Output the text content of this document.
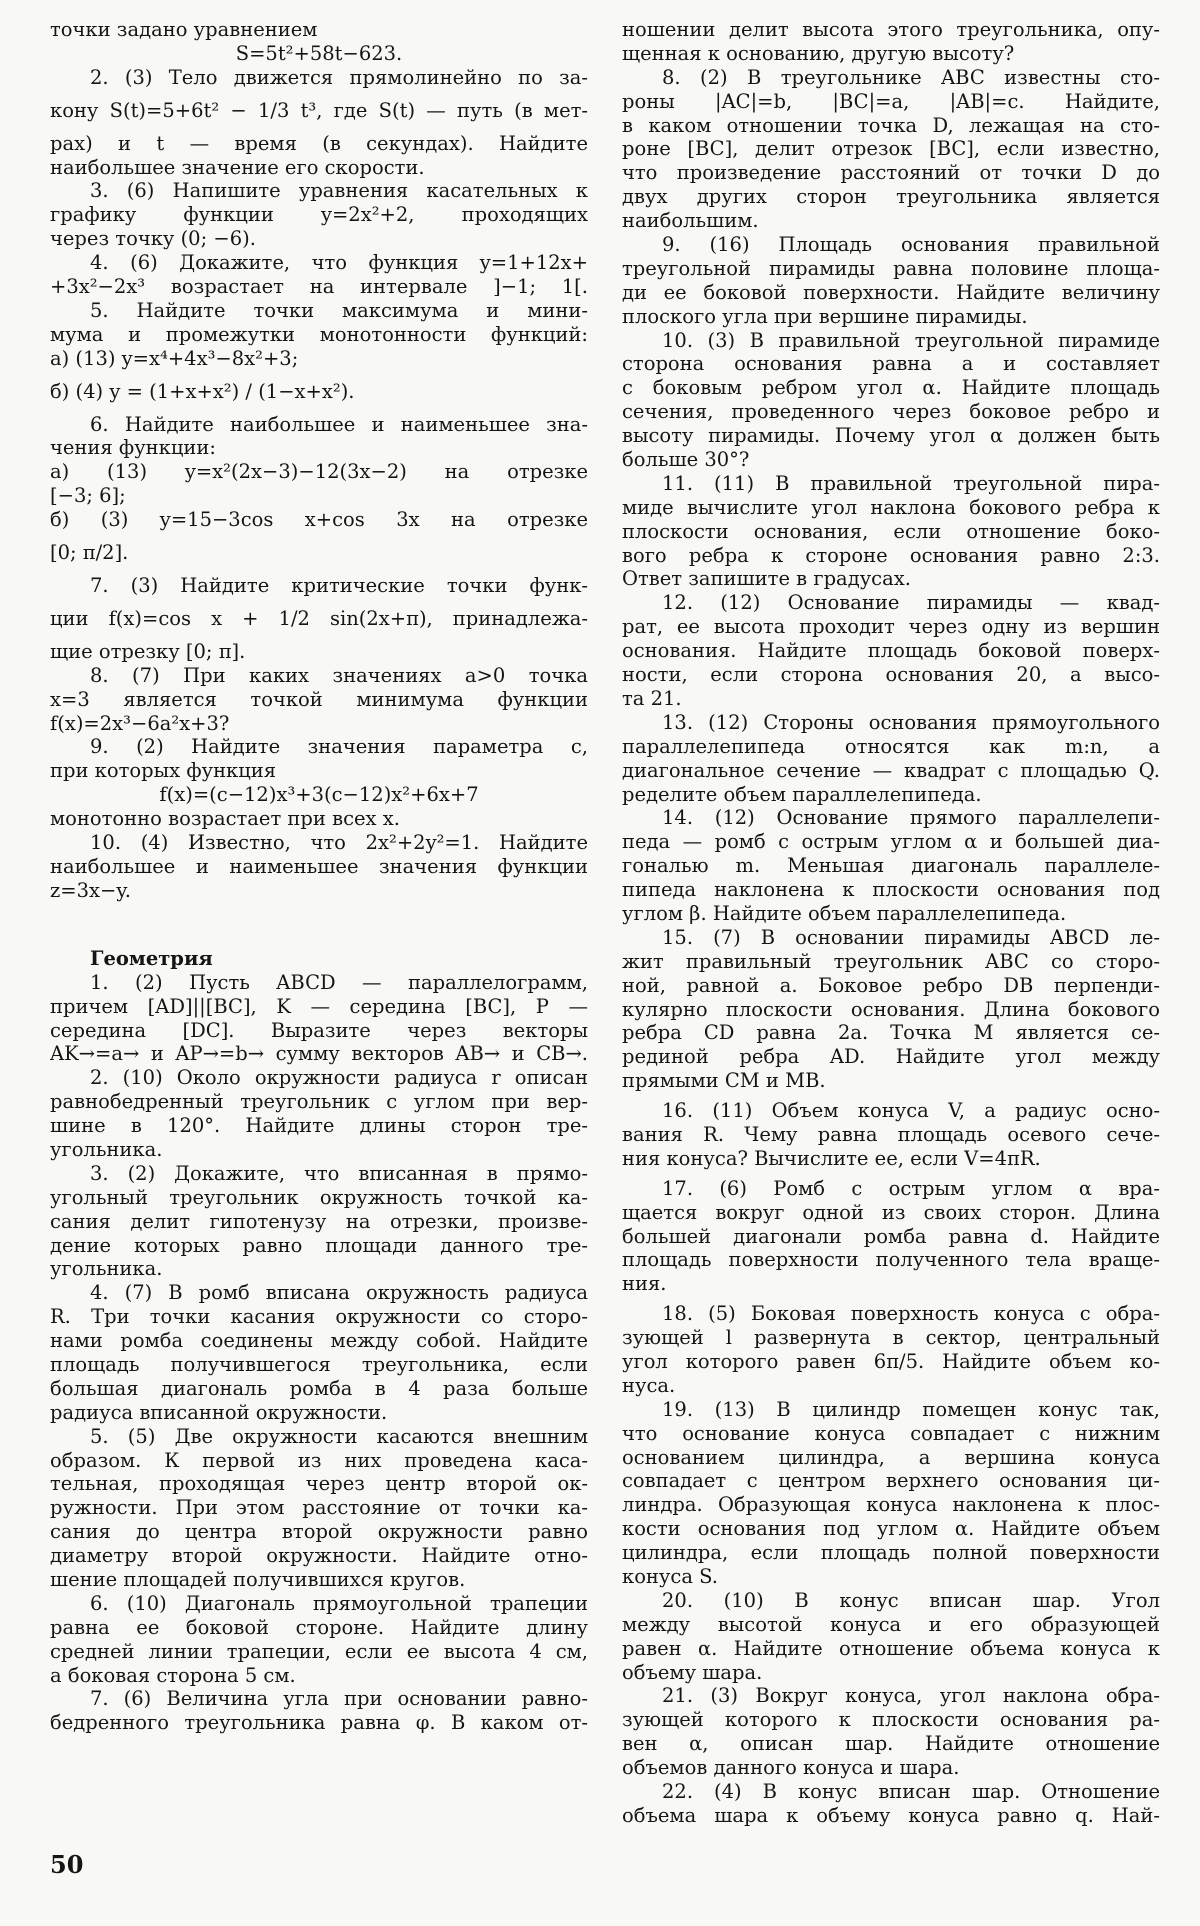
точки задано уравнением
S=5t²+58t−623.
2. (3) Тело движется прямолинейно по за-
кону S(t)=5+6t² − 1/3 t³, где S(t) — путь (в мет-
рах) и t — время (в секундах). Найдите
наибольшее значение его скорости.
3. (6) Напишите уравнения касательных к
графику функции y=2x²+2, проходящих
через точку (0; −6).
4. (6) Докажите, что функция y=1+12x+
+3x²−2x³ возрастает на интервале ]−1; 1[.
5. Найдите точки максимума и мини-
мума и промежутки монотонности функций:
а) (13) y=x⁴+4x³−8x²+3;
б) (4) y = (1+x+x²) / (1−x+x²).
6. Найдите наибольшее и наименьшее зна-
чения функции:
а) (13) y=x²(2x−3)−12(3x−2) на отрезке
[−3; 6];
б) (3) y=15−3cos x+cos 3x на отрезке
[0; π/2].
7. (3) Найдите критические точки функ-
ции f(x)=cos x + 1/2 sin(2x+π), принадлежа-
щие отрезку [0; π].
8. (7) При каких значениях a>0 точка
x=3 является точкой минимума функции
f(x)=2x³−6a²x+3?
9. (2) Найдите значения параметра c,
при которых функция
f(x)=(c−12)x³+3(c−12)x²+6x+7
монотонно возрастает при всех x.
10. (4) Известно, что 2x²+2y²=1. Найдите
наибольшее и наименьшее значения функции
z=3x−y.
Геометрия
1. (2) Пусть ABCD — параллелограмм,
причем [AD]||[BC], K — середина [BC], P —
середина [DC]. Выразите через векторы
AK→=a→ и AP→=b→ сумму векторов AB→ и CB→.
2. (10) Около окружности радиуса r описан
равнобедренный треугольник с углом при вер-
шине в 120°. Найдите длины сторон тре-
угольника.
3. (2) Докажите, что вписанная в прямо-
угольный треугольник окружность точкой ка-
сания делит гипотенузу на отрезки, произве-
дение которых равно площади данного тре-
угольника.
4. (7) В ромб вписана окружность радиуса
R. Три точки касания окружности со сторо-
нами ромба соединены между собой. Найдите
площадь получившегося треугольника, если
большая диагональ ромба в 4 раза больше
радиуса вписанной окружности.
5. (5) Две окружности касаются внешним
образом. К первой из них проведена каса-
тельная, проходящая через центр второй ок-
ружности. При этом расстояние от точки ка-
сания до центра второй окружности равно
диаметру второй окружности. Найдите отно-
шение площадей получившихся кругов.
6. (10) Диагональ прямоугольной трапеции
равна ее боковой стороне. Найдите длину
средней линии трапеции, если ее высота 4 см,
а боковая сторона 5 см.
7. (6) Величина угла при основании равно-
бедренного треугольника равна φ. В каком от-
ношении делит высота этого треугольника, опу-
щенная к основанию, другую высоту?
8. (2) В треугольнике ABC известны сто-
роны |AC|=b, |BC|=a, |AB|=c. Найдите,
в каком отношении точка D, лежащая на сто-
роне [BC], делит отрезок [BC], если известно,
что произведение расстояний от точки D до
двух других сторон треугольника является
наибольшим.
9. (16) Площадь основания правильной
треугольной пирамиды равна половине площа-
ди ее боковой поверхности. Найдите величину
плоского угла при вершине пирамиды.
10. (3) В правильной треугольной пирамиде
сторона основания равна a и составляет
с боковым ребром угол α. Найдите площадь
сечения, проведенного через боковое ребро и
высоту пирамиды. Почему угол α должен быть
больше 30°?
11. (11) В правильной треугольной пира-
миде вычислите угол наклона бокового ребра к
плоскости основания, если отношение боко-
вого ребра к стороне основания равно 2:3.
Ответ запишите в градусах.
12. (12) Основание пирамиды — квад-
рат, ее высота проходит через одну из вершин
основания. Найдите площадь боковой поверх-
ности, если сторона основания 20, а высо-
та 21.
13. (12) Стороны основания прямоугольного
параллелепипеда относятся как m:n, а диагональное сечение — квадрат с площадью Q.
ределите объем параллелепипеда.
14. (12) Основание прямого параллелепи-
педа — ромб с острым углом α и большей диа-
гональю m. Меньшая диагональ параллеле-
пипеда наклонена к плоскости основания под
углом β. Найдите объем параллелепипеда.
15. (7) В основании пирамиды ABCD ле-
жит правильный треугольник ABC со сторо-
ной, равной a. Боковое ребро DB перпенди-
кулярно плоскости основания. Длина бокового
ребра CD равна 2a. Точка M является се-
рединой ребра AD. Найдите угол между
прямыми CM и MB.
16. (11) Объем конуса V, а радиус осно-
вания R. Чему равна площадь осевого сече-
ния конуса? Вычислите ее, если V=4πR.
17. (6) Ромб с острым углом α вра-
щается вокруг одной из своих сторон. Длина
большей диагонали ромба равна d. Найдите
площадь поверхности полученного тела враще-
ния.
18. (5) Боковая поверхность конуса с обра-
зующей l развернута в сектор, центральный
угол которого равен 6π/5. Найдите объем ко-
нуса.
19. (13) В цилиндр помещен конус так,
что основание конуса совпадает с нижним
основанием цилиндра, а вершина конуса
совпадает с центром верхнего основания ци-
линдра. Образующая конуса наклонена к плос-
кости основания под углом α. Найдите объем
цилиндра, если площадь полной поверхности
конуса S.
20. (10) В конус вписан шар. Угол
между высотой конуса и его образующей
равен α. Найдите отношение объема конуса к
объему шара.
21. (3) Вокруг конуса, угол наклона обра-
зующей которого к плоскости основания ра-
вен α, описан шар. Найдите отношение
объемов данного конуса и шара.
22. (4) В конус вписан шар. Отношение
объема шара к объему конуса равно q. Най-
50
